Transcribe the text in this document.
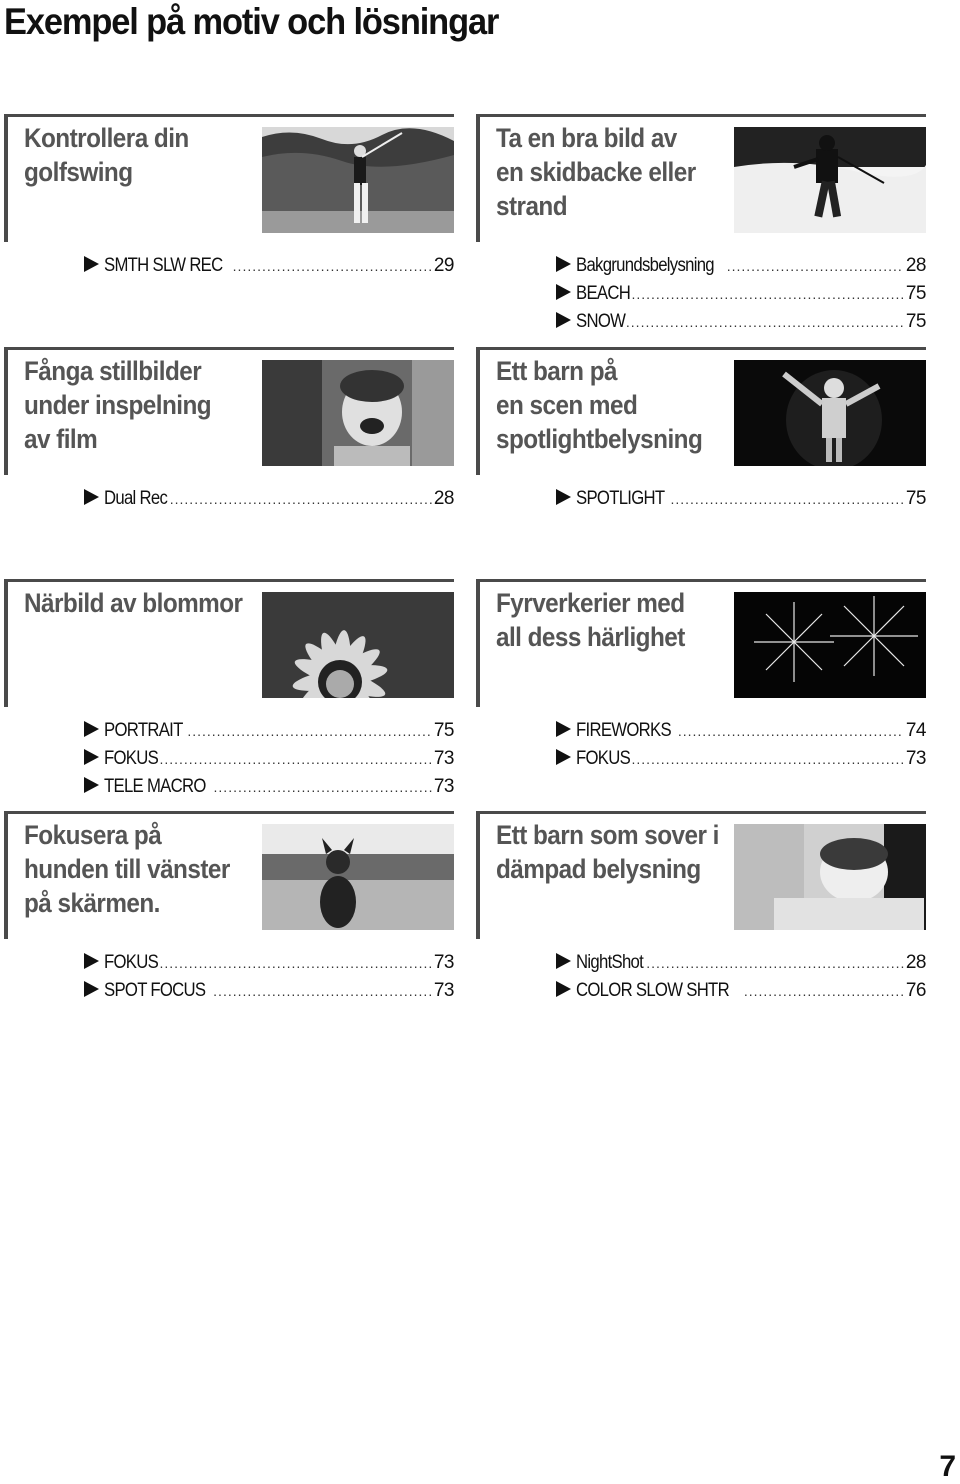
Exempel på motiv och lösningar
Kontrollera din
golfswing
SMTH SLW REC .....	29
Ta en bra bild av
en skidbacke eller
strand
Bakgrundsbelysning .....	28
BEACH .....	75
SNOW .....	75
Fånga stillbilder
under inspelning
av film
Dual Rec .....	28
Ett barn på
en scen med
spotlightbelysning
SPOTLIGHT .....	75
Närbild av blommor
PORTRAIT .....	75
FOKUS .....	73
TELE MACRO .....	73
Fyrverkerier med
all dess härlighet
FIREWORKS .....	74
FOKUS .....	73
Fokusera på
hunden till vänster
på skärmen.
FOKUS .....	73
SPOT FOCUS .....	73
Ett barn som sover i
dämpad belysning
NightShot .....	28
COLOR SLOW SHTR .....	76
7
